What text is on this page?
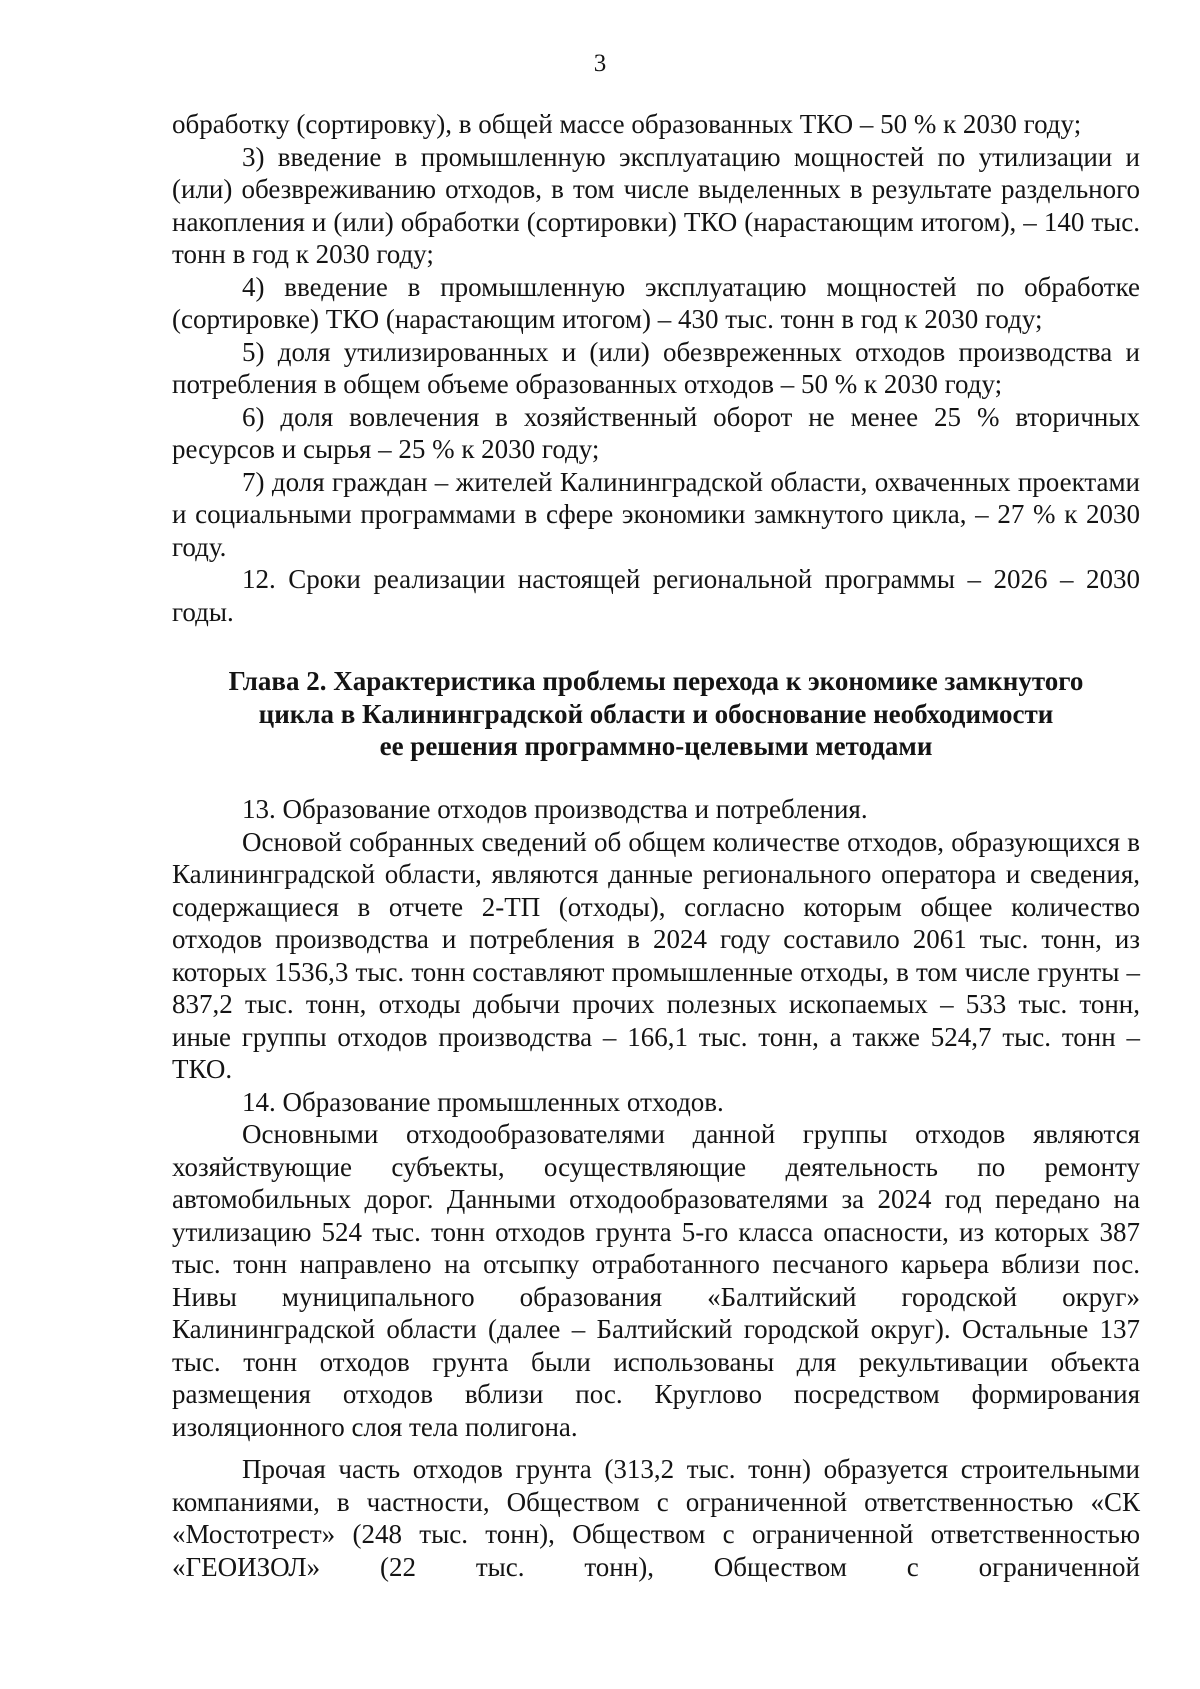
3

обработку (сортировку), в общей массе образованных ТКО – 50 % к 2030 году;

3) введение в промышленную эксплуатацию мощностей по утилизации и (или) обезвреживанию отходов, в том числе выделенных в результате раздельного накопления и (или) обработки (сортировки) ТКО (нарастающим итогом), – 140 тыс. тонн в год к 2030 году;

4) введение в промышленную эксплуатацию мощностей по обработке (сортировке) ТКО (нарастающим итогом) – 430 тыс. тонн в год к 2030 году;

5) доля утилизированных и (или) обезвреженных отходов производства и потребления в общем объеме образованных отходов – 50 % к 2030 году;

6) доля вовлечения в хозяйственный оборот не менее 25 % вторичных ресурсов и сырья – 25 % к 2030 году;

7) доля граждан – жителей Калининградской области, охваченных проектами и социальными программами в сфере экономики замкнутого цикла, – 27 % к 2030 году.

12. Сроки реализации настоящей региональной программы – 2026 – 2030 годы.

Глава 2. Характеристика проблемы перехода к экономике замкнутого
цикла в Калининградской области и обоснование необходимости
ее решения программно-целевыми методами

13. Образование отходов производства и потребления.

Основой собранных сведений об общем количестве отходов, образующихся в Калининградской области, являются данные регионального оператора и сведения, содержащиеся в отчете 2-ТП (отходы), согласно которым общее количество отходов производства и потребления в 2024 году составило 2061 тыс. тонн, из которых 1536,3 тыс. тонн составляют промышленные отходы, в том числе грунты – 837,2 тыс. тонн, отходы добычи прочих полезных ископаемых – 533 тыс. тонн, иные группы отходов производства – 166,1 тыс. тонн, а также 524,7 тыс. тонн – ТКО.

14. Образование промышленных отходов.

Основными отходообразователями данной группы отходов являются хозяйствующие субъекты, осуществляющие деятельность по ремонту автомобильных дорог. Данными отходообразователями за 2024 год передано на утилизацию 524 тыс. тонн отходов грунта 5-го класса опасности, из которых 387 тыс. тонн направлено на отсыпку отработанного песчаного карьера вблизи пос. Нивы муниципального образования «Балтийский городской округ» Калининградской области (далее – Балтийский городской округ). Остальные 137 тыс. тонн отходов грунта были использованы для рекультивации объекта размещения отходов вблизи пос. Круглово посредством формирования изоляционного слоя тела полигона.

Прочая часть отходов грунта (313,2 тыс. тонн) образуется строительными компаниями, в частности, Обществом с ограниченной ответственностью «СК «Мостотрест» (248 тыс. тонн), Обществом с ограниченной ответственностью «ГЕОИЗОЛ» (22 тыс. тонн), Обществом с ограниченной
